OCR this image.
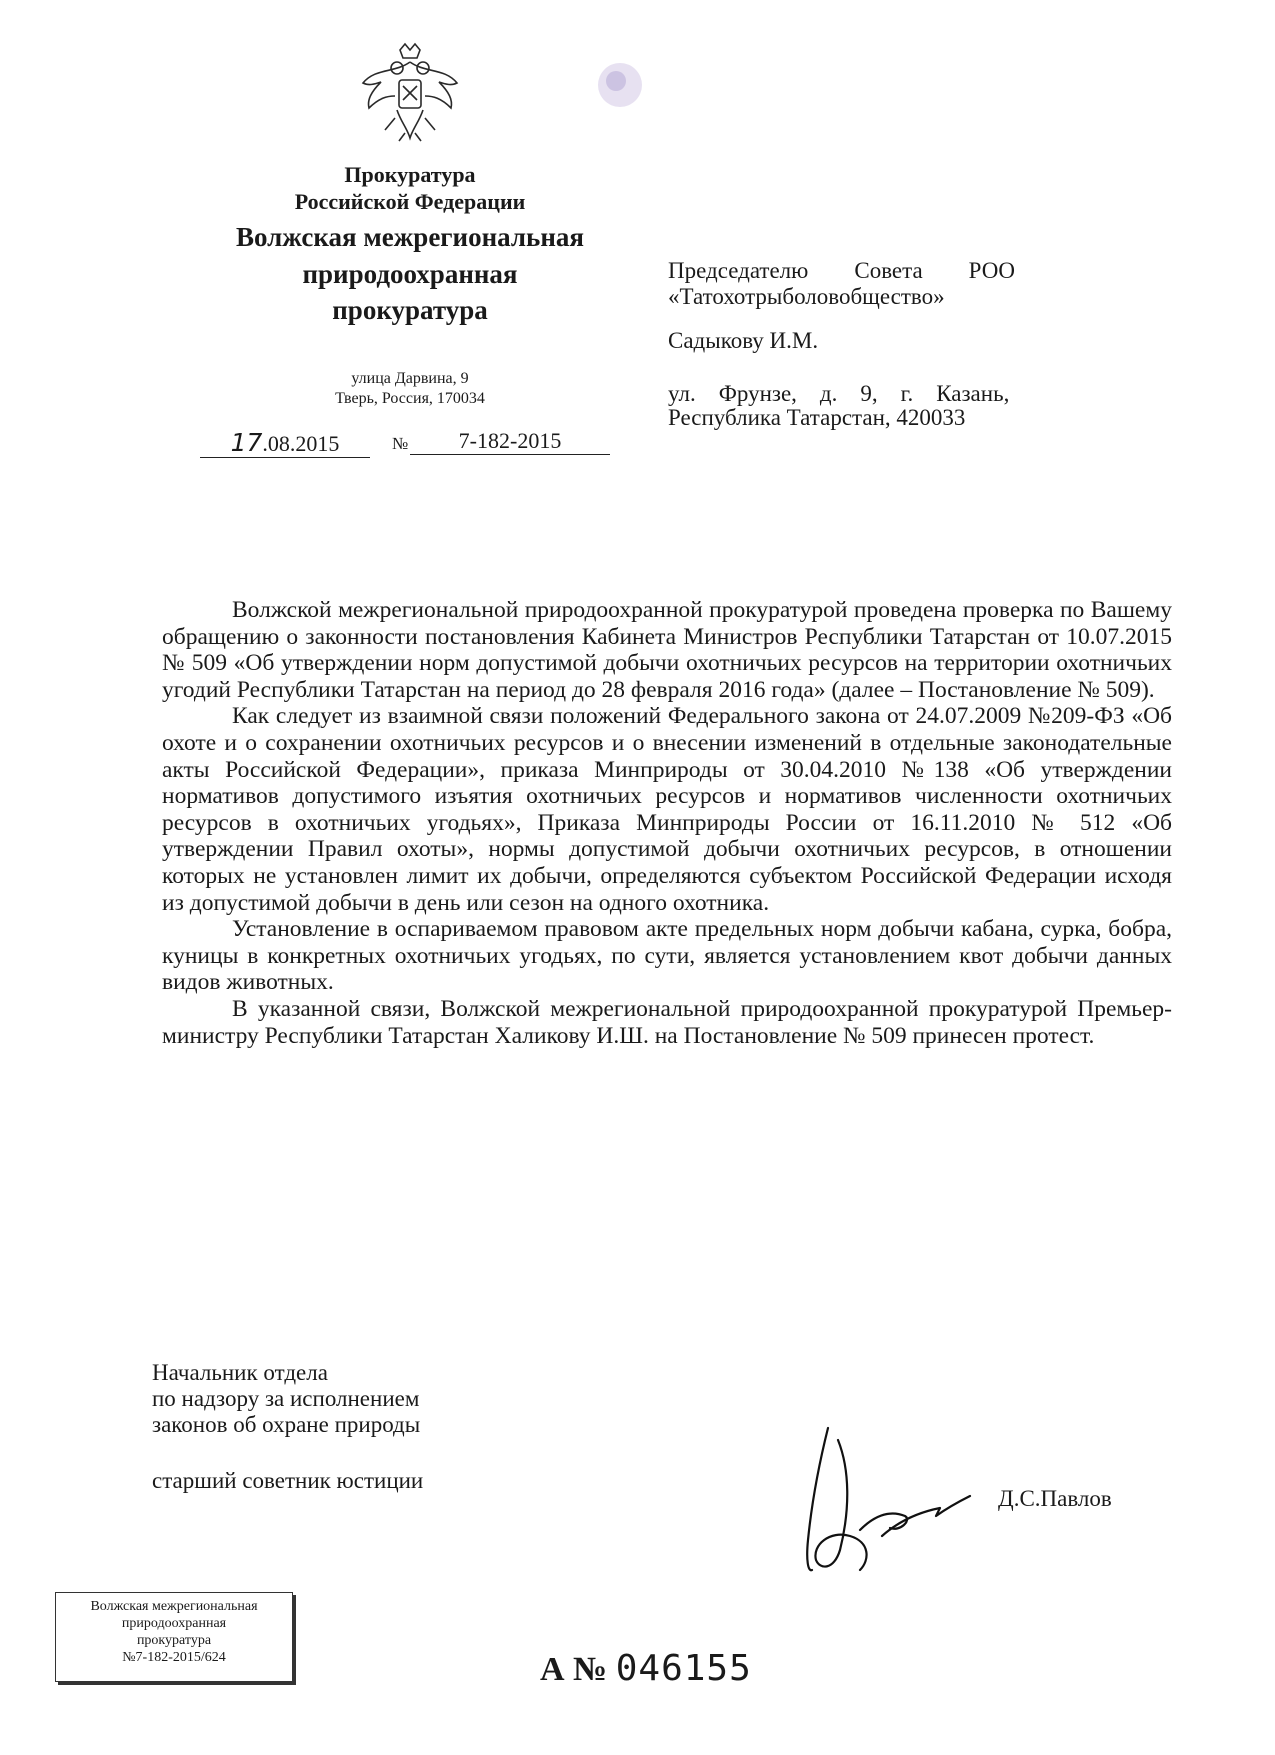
Прокуратура
Российской Федерации
Волжская межрегиональная
природоохранная
прокуратура
улица Дарвина, 9
Тверь, Россия, 170034
17.08.2015	№	7-182-2015
Председателю        Совета        РОО
«Татохотрыболовобщество»
Садыкову И.М.
ул.    Фрунзе,    д.    9,    г.    Казань,
Республика Татарстан, 420033

Волжской межрегиональной природоохранной прокуратурой проведена проверка по Вашему обращению о законности постановления Кабинета Министров Республики Татарстан от 10.07.2015 № 509 «Об утверждении норм допустимой добычи охотничьих ресурсов на территории охотничьих угодий Республики Татарстан на период до 28 февраля 2016 года» (далее – Постановление № 509).

Как следует из взаимной связи положений Федерального закона от 24.07.2009 №209-ФЗ «Об охоте и о сохранении охотничьих ресурсов и о внесении изменений в отдельные законодательные акты Российской Федерации», приказа Минприроды от 30.04.2010 №138 «Об утверждении нормативов допустимого изъятия охотничьих ресурсов и нормативов численности охотничьих ресурсов в охотничьих угодьях», Приказа Минприроды России от 16.11.2010 № 512 «Об утверждении Правил охоты», нормы допустимой добычи охотничьих ресурсов, в отношении которых не установлен лимит их добычи, определяются субъектом Российской Федерации исходя из допустимой добычи в день или сезон на одного охотника.

Установление в оспариваемом правовом акте предельных норм добычи кабана, сурка, бобра, куницы в конкретных охотничьих угодьях, по сути, является установлением квот добычи данных видов животных.

В указанной связи, Волжской межрегиональной природоохранной прокуратурой Премьер-министру Республики Татарстан Халикову И.Ш. на Постановление № 509 принесен протест.

Начальник отдела
по надзору за исполнением
законов об охране природы
старший советник юстиции
Д.С.Павлов
Волжская межрегиональная
природоохранная
прокуратура
№7-182-2015/624	А № 046155
